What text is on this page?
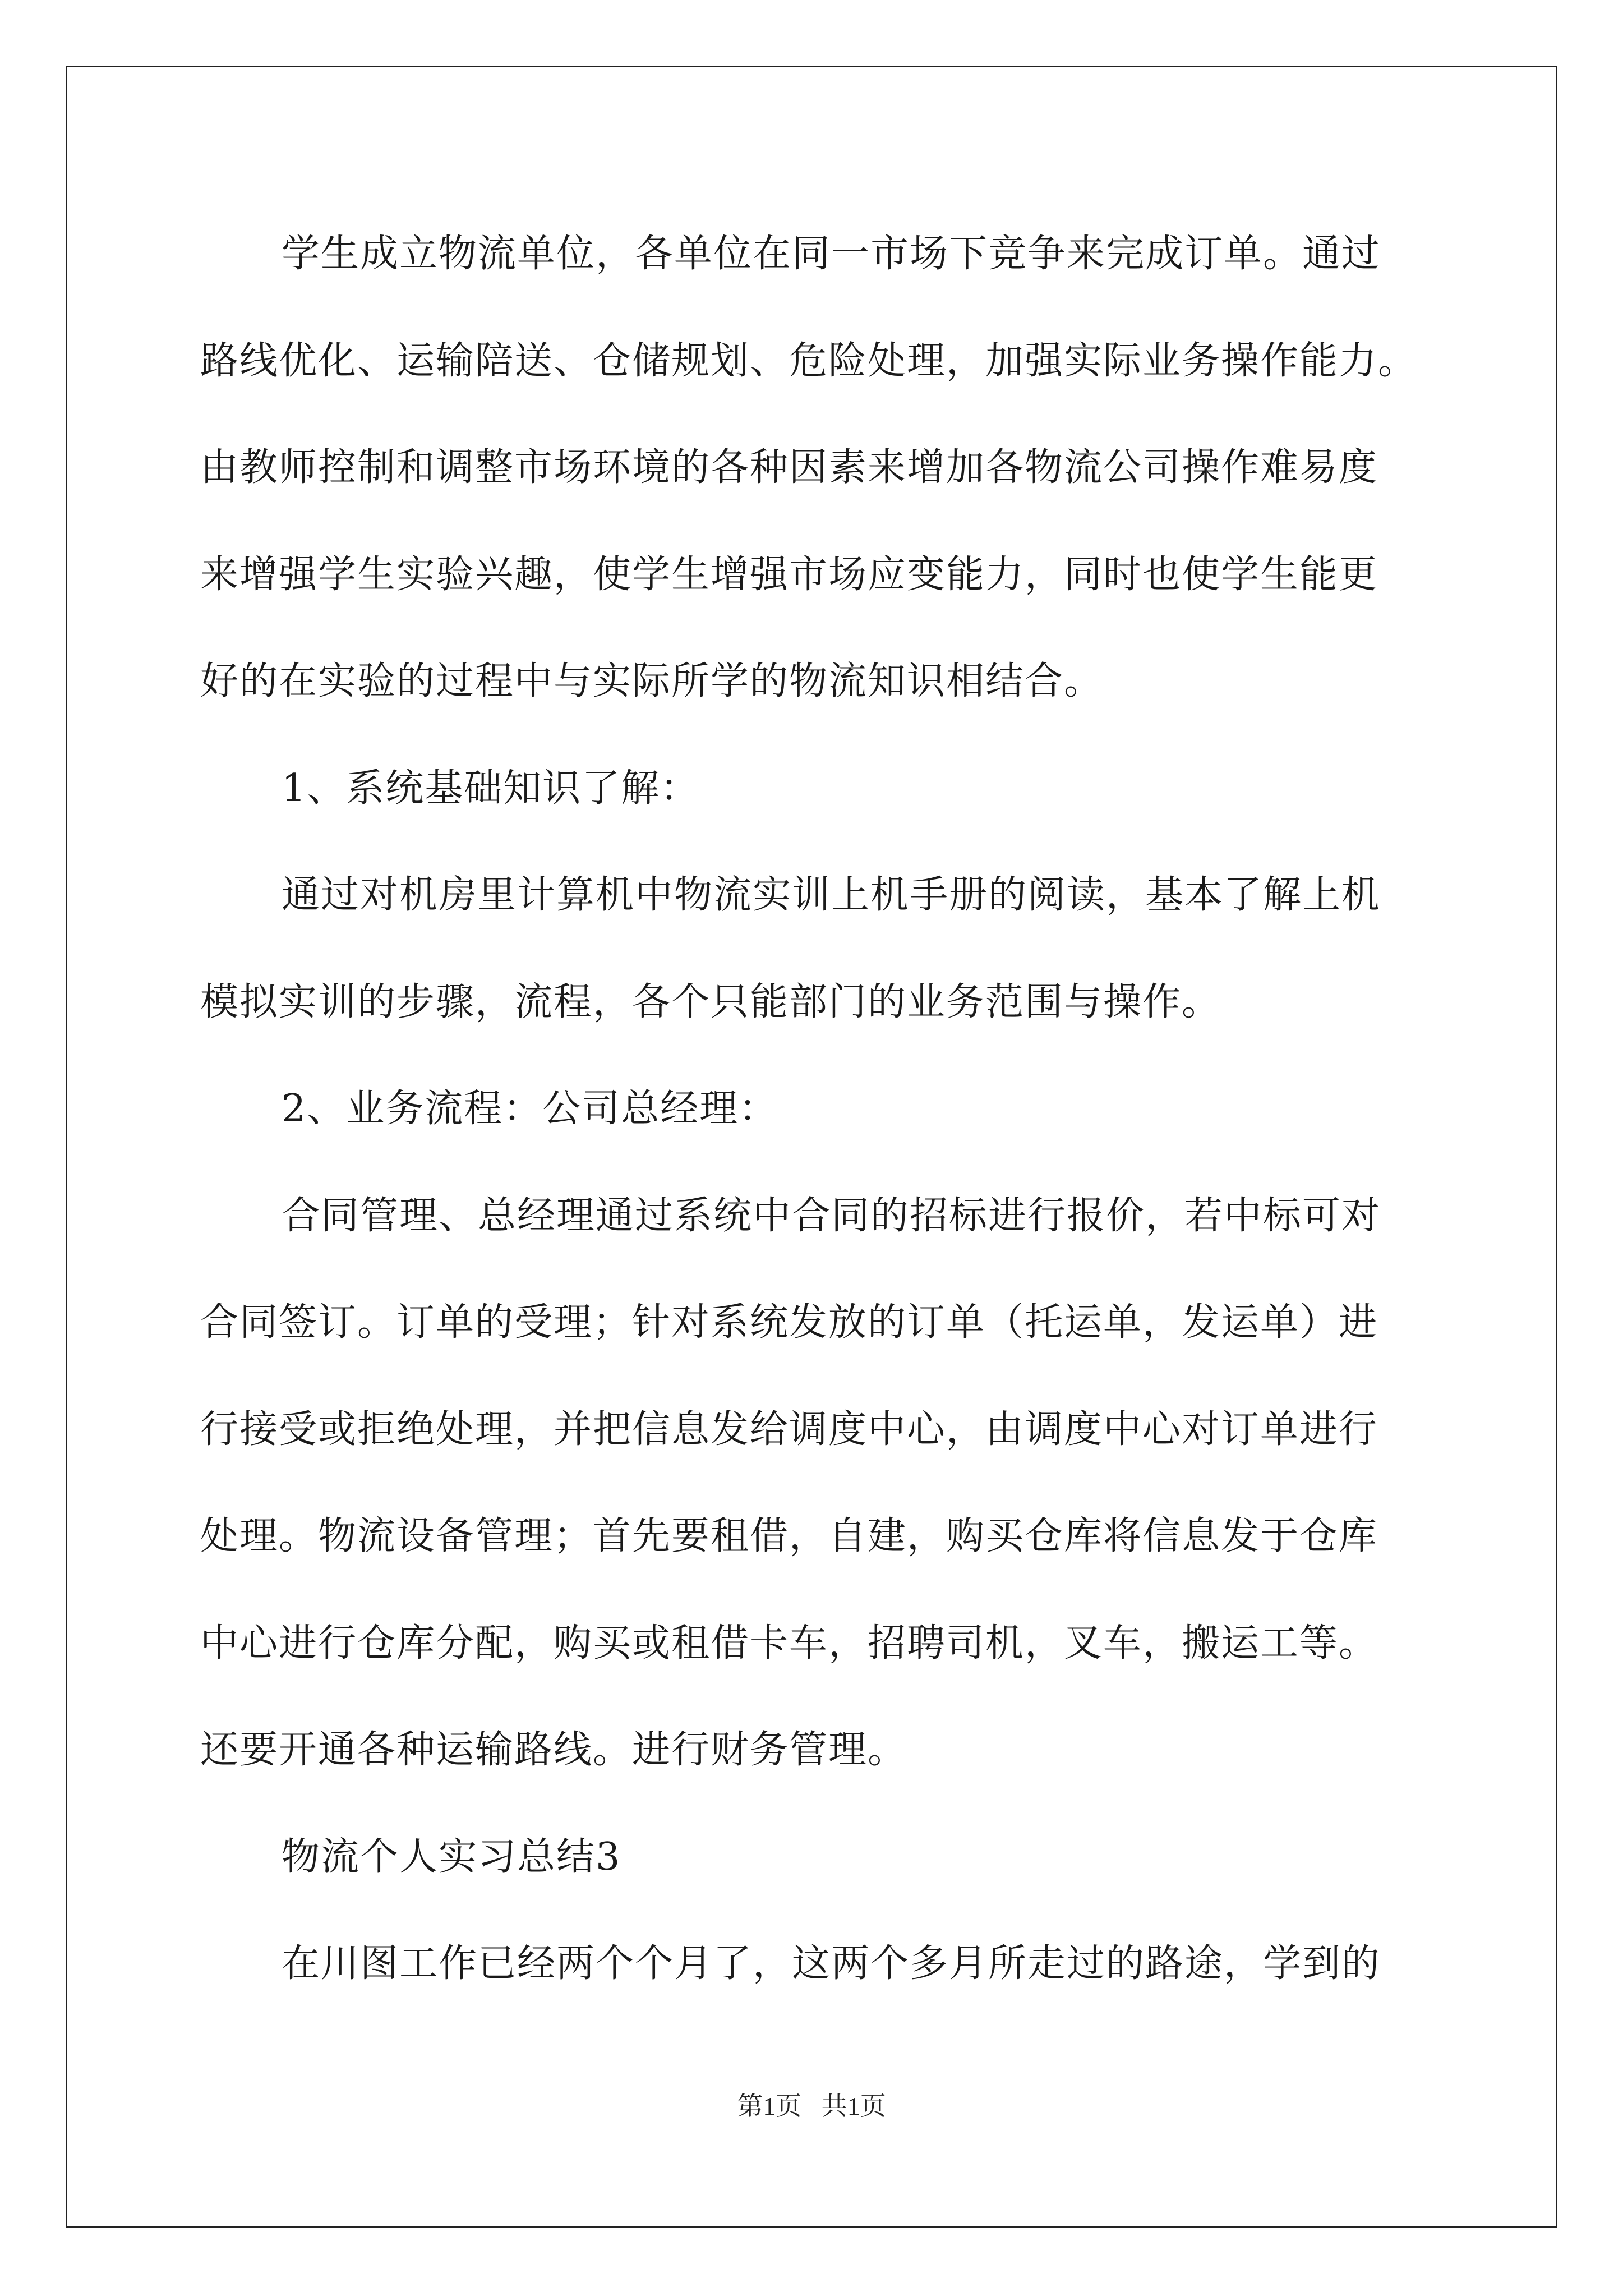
学生成立物流单位，各单位在同一市场下竞争来完成订单。通过
路线优化、运输陪送、仓储规划、危险处理，加强实际业务操作能力。
由教师控制和调整市场环境的各种因素来增加各物流公司操作难易度
来增强学生实验兴趣，使学生增强市场应变能力，同时也使学生能更
好的在实验的过程中与实际所学的物流知识相结合。
1、系统基础知识了解：
通过对机房里计算机中物流实训上机手册的阅读，基本了解上机
模拟实训的步骤，流程，各个只能部门的业务范围与操作。
2、业务流程：公司总经理：
合同管理、总经理通过系统中合同的招标进行报价，若中标可对
合同签订。订单的受理；针对系统发放的订单（托运单，发运单）进
行接受或拒绝处理，并把信息发给调度中心，由调度中心对订单进行
处理。物流设备管理；首先要租借，自建，购买仓库将信息发于仓库
中心进行仓库分配，购买或租借卡车，招聘司机，叉车，搬运工等。
还要开通各种运输路线。进行财务管理。
物流个人实习总结3
在川图工作已经两个个月了，这两个多月所走过的路途，学到的
第1页 共1页
